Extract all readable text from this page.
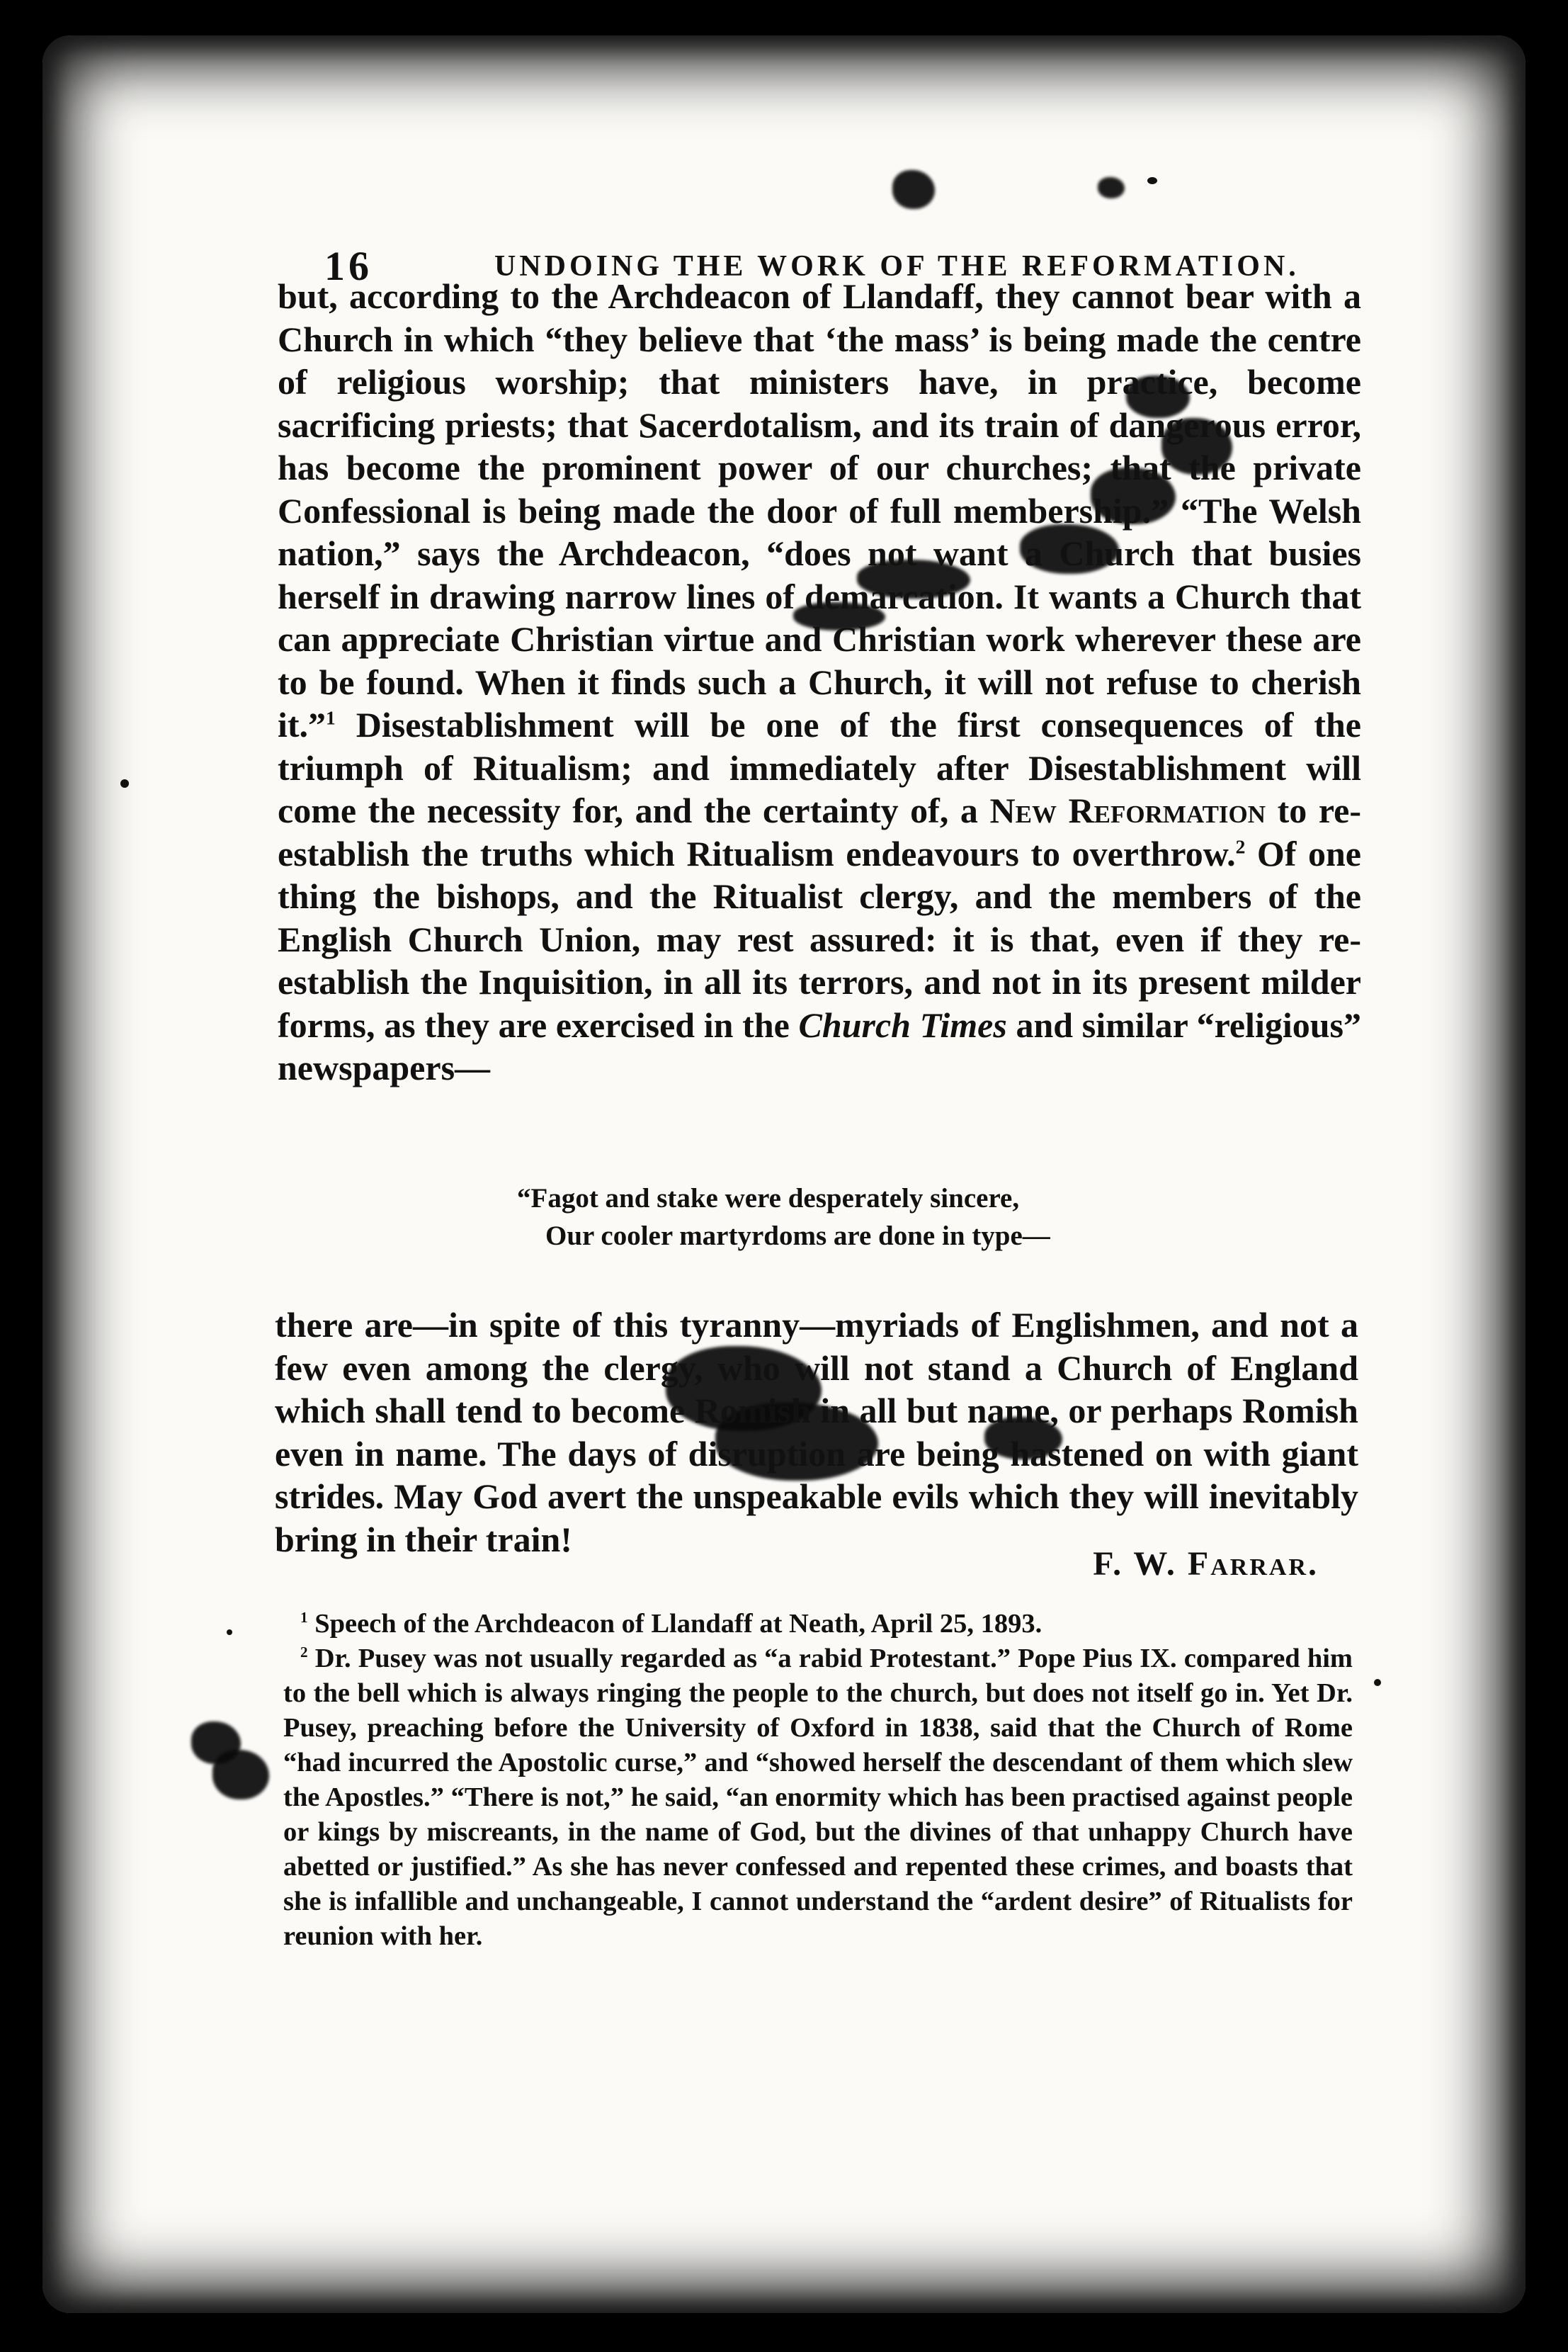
16	UNDOING THE WORK OF THE REFORMATION.

but, according to the Archdeacon of Llandaff, they cannot bear with a Church in which “they believe that ‘the mass’ is being made the centre of religious worship; that ministers have, in practice, become sacrificing priests; that Sacerdotalism, and its train of dangerous error, has become the prominent power of our churches; that the private Confessional is being made the door of full membership.” “The Welsh nation,” says the Archdeacon, “does not want a Church that busies herself in drawing narrow lines of demarcation. It wants a Church that can appreciate Christian virtue and Christian work wherever these are to be found. When it finds such a Church, it will not refuse to cherish it.”$^1$ Disestablishment will be one of the first consequences of the triumph of Ritualism; and immediately after Disestablishment will come the necessity for, and the certainty of, a New Reformation to re-establish the truths which Ritualism endeavours to overthrow.$^2$ Of one thing the bishops, and the Ritualist clergy, and the members of the English Church Union, may rest assured: it is that, even if they re-establish the Inquisition, in all its terrors, and not in its present milder forms, as they are exercised in the Church Times and similar “religious” newspapers—

“Fagot and stake were desperately sincere,
Our cooler martyrdoms are done in type—

there are—in spite of this tyranny—myriads of Englishmen, and not a few even among the clergy, who will not stand a Church of England which shall tend to become Romish in all but name, or perhaps Romish even in name. The days of disruption are being hastened on with giant strides. May God avert the unspeakable evils which they will inevitably bring in their train!

F. W. Farrar.

$^1$ Speech of the Archdeacon of Llandaff at Neath, April 25, 1893.

$^2$ Dr. Pusey was not usually regarded as “a rabid Protestant.” Pope Pius IX. compared him to the bell which is always ringing the people to the church, but does not itself go in. Yet Dr. Pusey, preaching before the University of Oxford in 1838, said that the Church of Rome “had incurred the Apostolic curse,” and “showed herself the descendant of them which slew the Apostles.” “There is not,” he said, “an enormity which has been practised against people or kings by miscreants, in the name of God, but the divines of that unhappy Church have abetted or justified.” As she has never confessed and repented these crimes, and boasts that she is infallible and unchangeable, I cannot understand the “ardent desire” of Ritualists for reunion with her.
